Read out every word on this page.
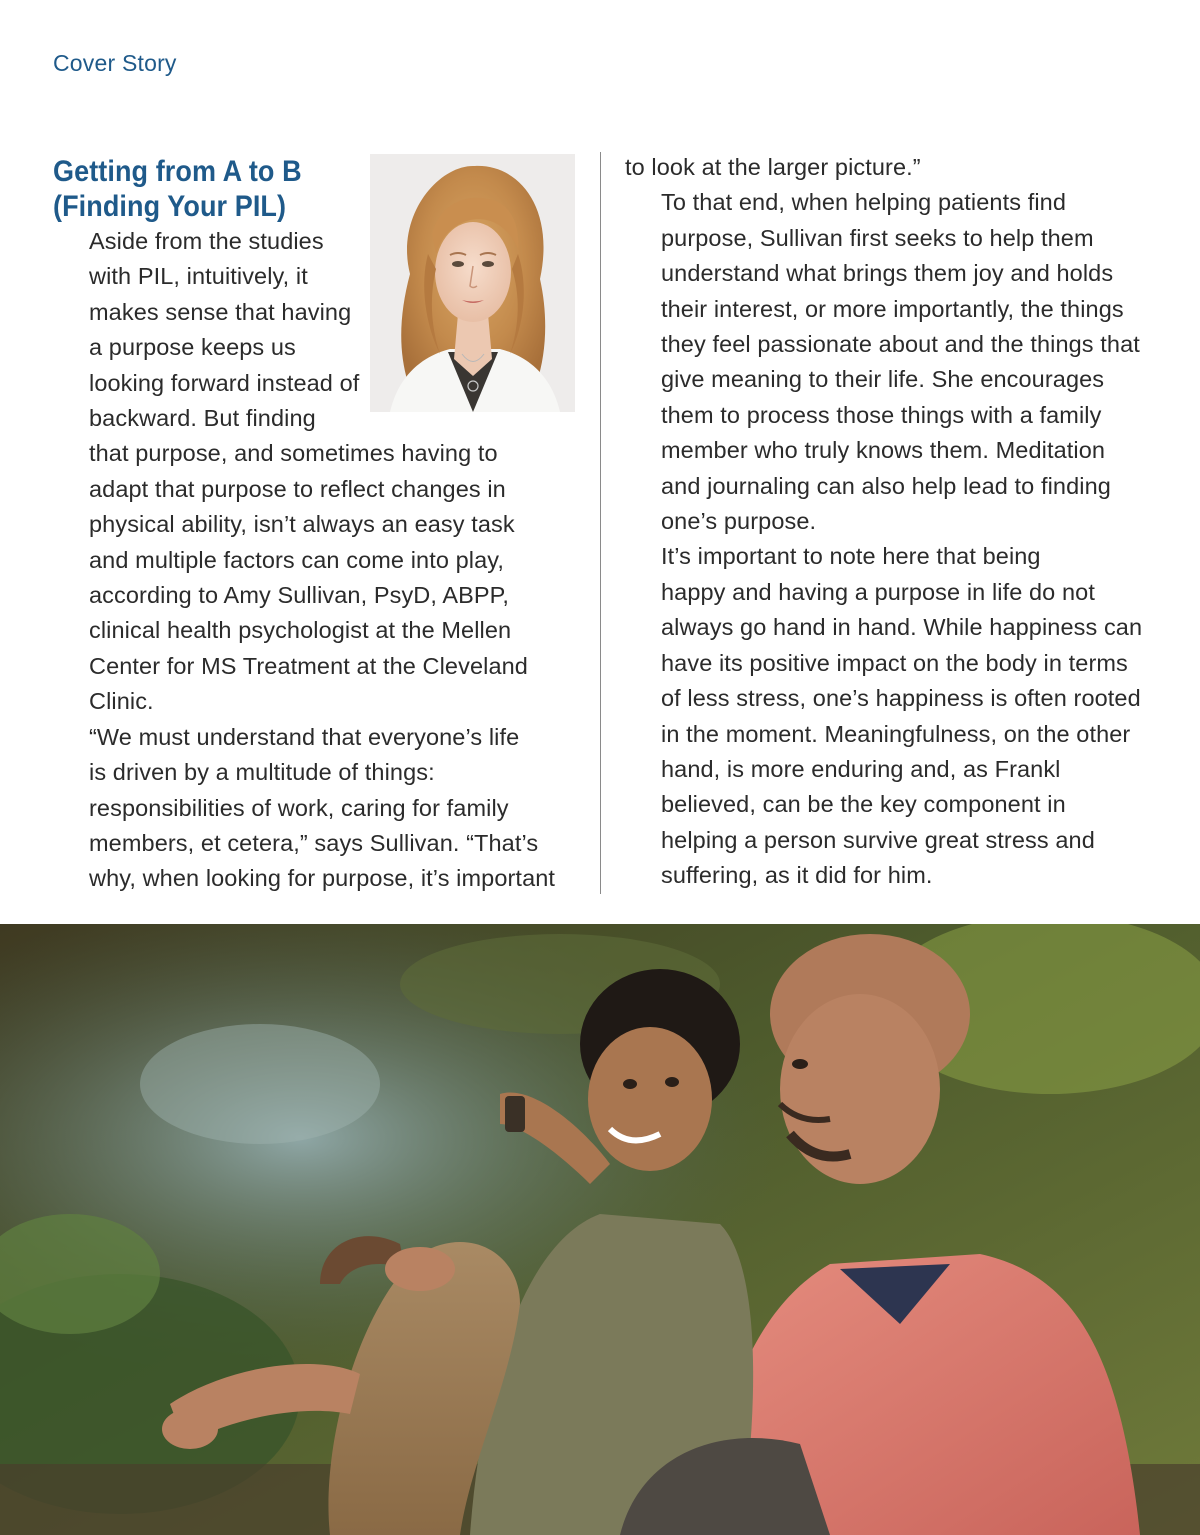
Cover Story
Getting from A to B
(Finding Your PIL)

Aside from the studies
with PIL, intuitively, it
makes sense that having
a purpose keeps us
looking forward instead of
backward. But finding
that purpose, and sometimes having to
adapt that purpose to reflect changes in
physical ability, isn’t always an easy task
and multiple factors can come into play,
according to Amy Sullivan, PsyD, ABPP,
clinical health psychologist at the Mellen
Center for MS Treatment at the Cleveland
Clinic.

“We must understand that everyone’s life
is driven by a multitude of things:
responsibilities of work, caring for family
members, et cetera,” says Sullivan. “That’s
why, when looking for purpose, it’s important

to look at the larger picture.”

To that end, when helping patients find
purpose, Sullivan first seeks to help them
understand what brings them joy and holds
their interest, or more importantly, the things
they feel passionate about and the things that
give meaning to their life. She encourages
them to process those things with a family
member who truly knows them. Meditation
and journaling can also help lead to finding
one’s purpose.

It’s important to note here that being
happy and having a purpose in life do not
always go hand in hand. While happiness can
have its positive impact on the body in terms
of less stress, one’s happiness is often rooted
in the moment. Meaningfulness, on the other
hand, is more enduring and, as Frankl
believed, can be the key component in
helping a person survive great stress and
suffering, as it did for him.
